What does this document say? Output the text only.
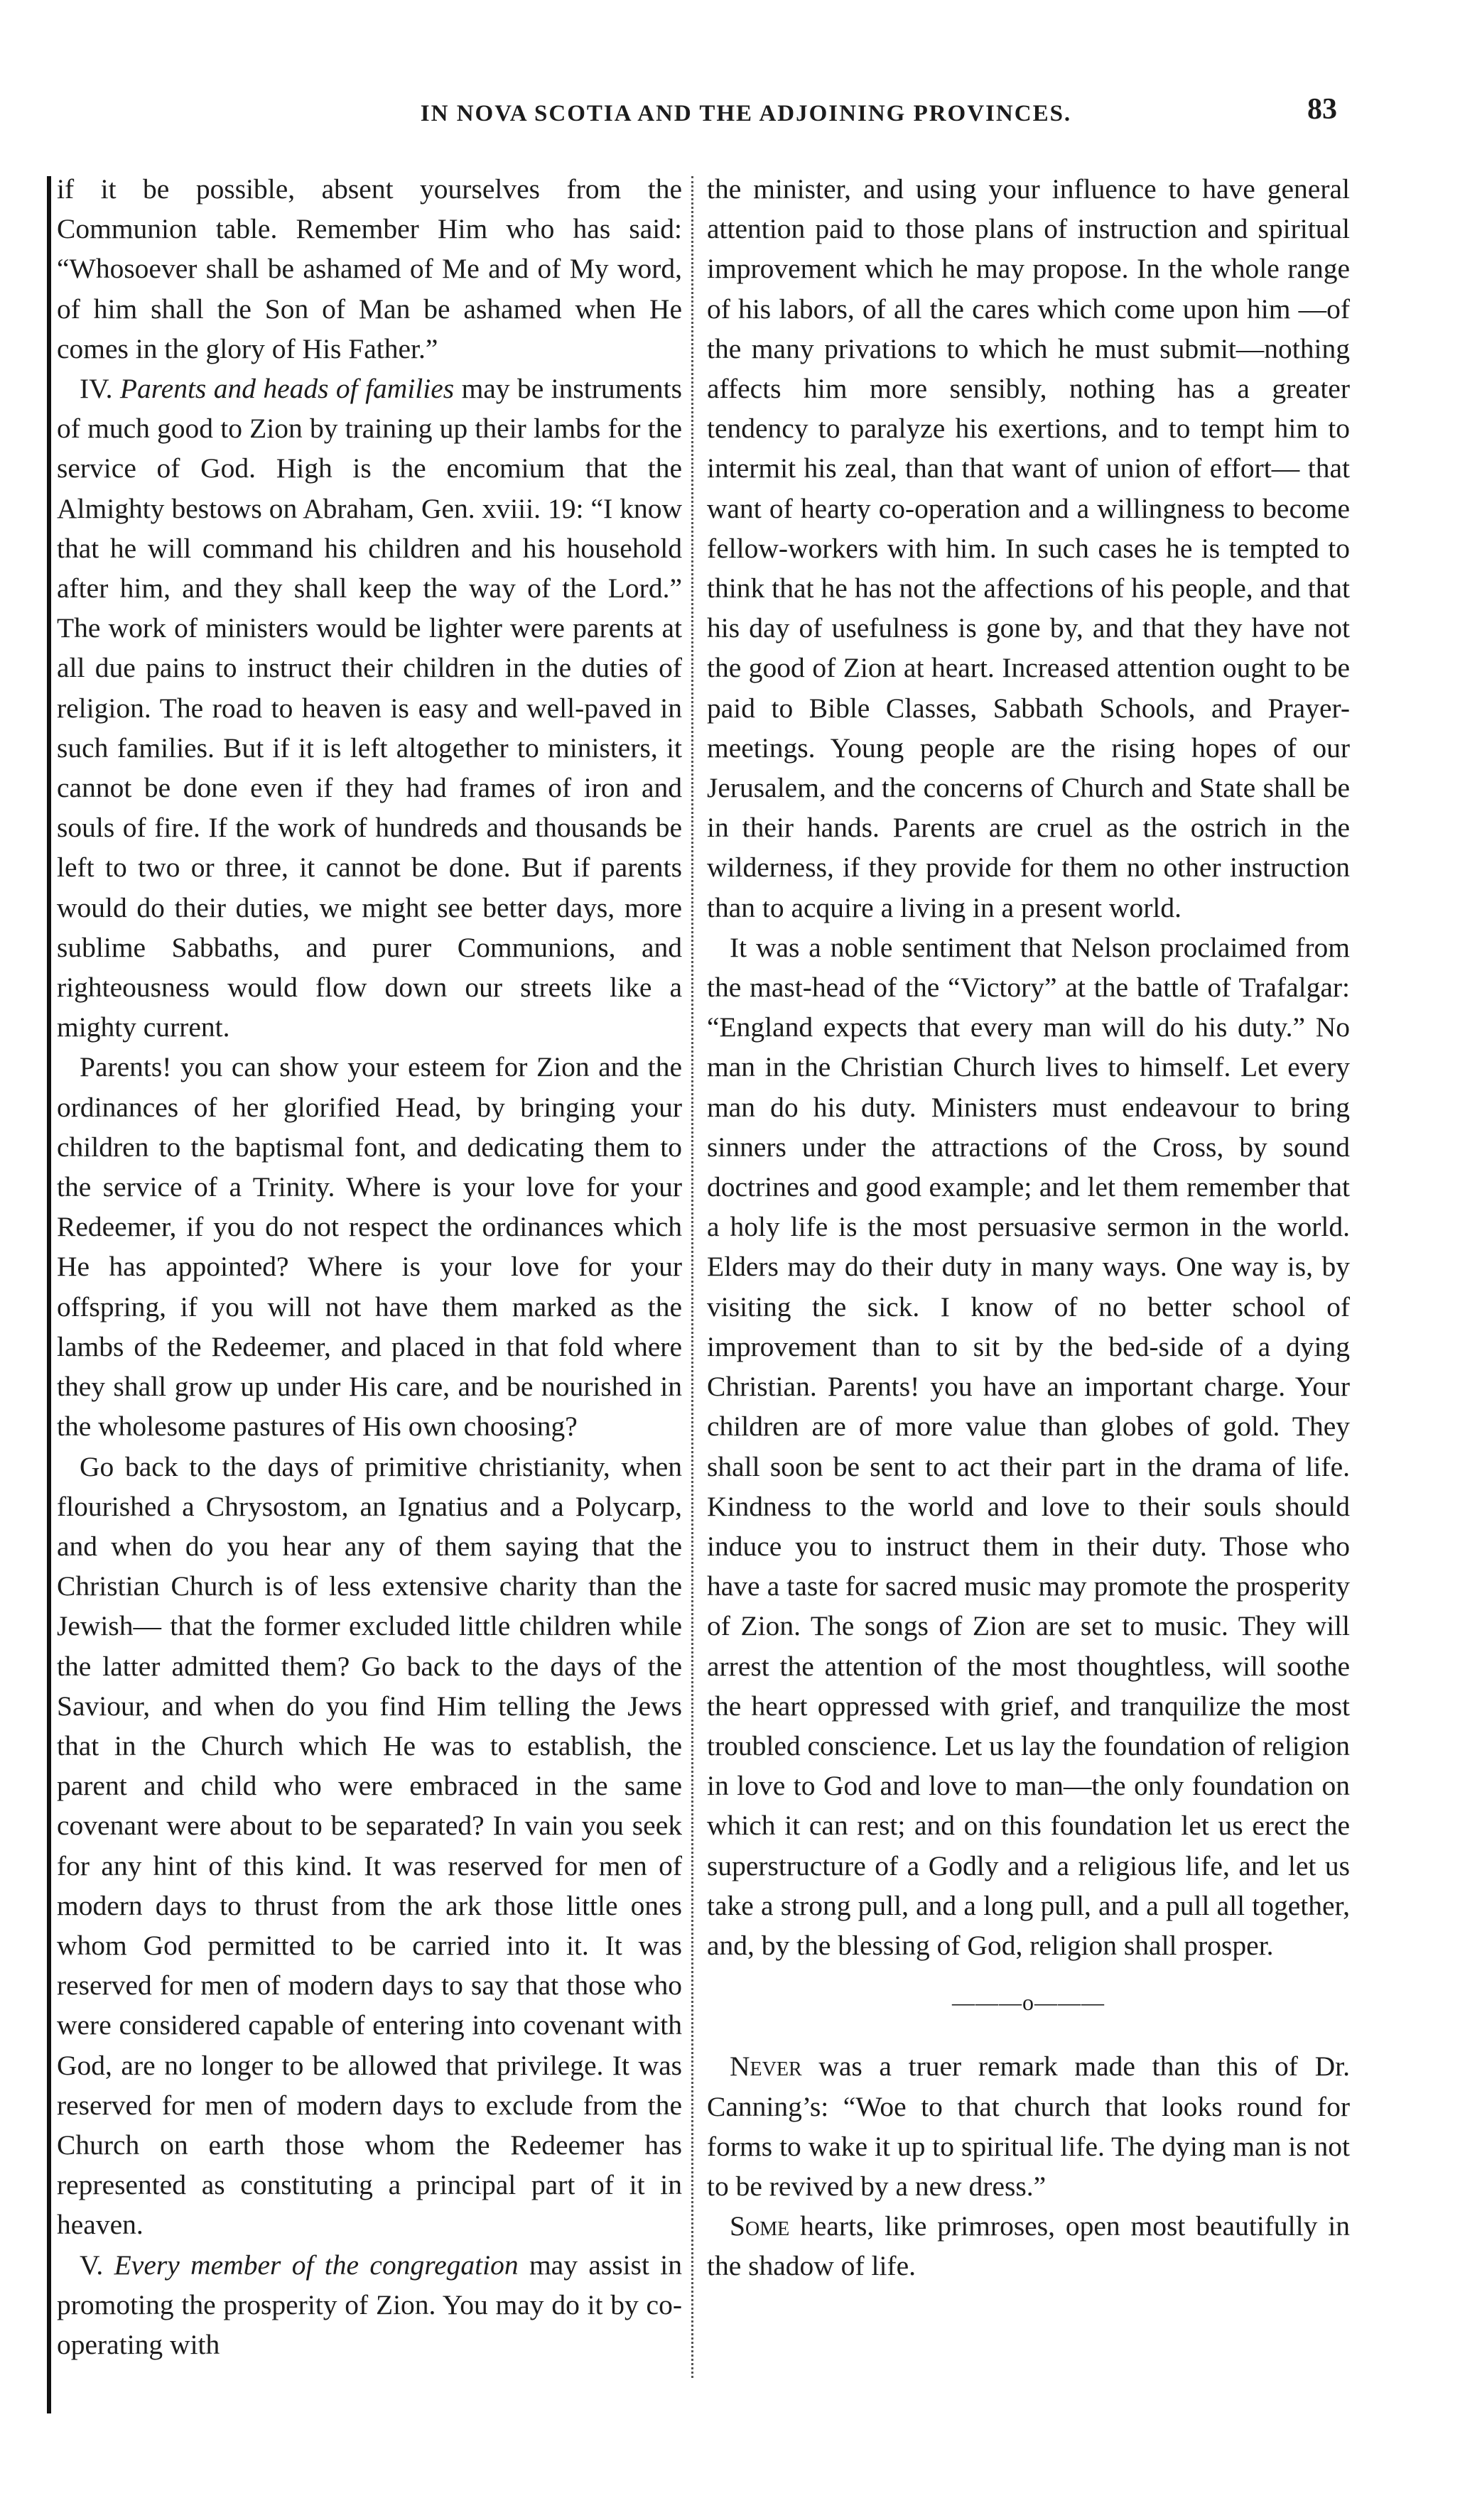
IN NOVA SCOTIA AND THE ADJOINING PROVINCES.	83

if it be possible, absent yourselves from the Communion table. Remember Him who has said: “Whosoever shall be ashamed of Me and of My word, of him shall the Son of Man be ashamed when He comes in the glory of His Father.”

IV. Parents and heads of families may be instruments of much good to Zion by training up their lambs for the service of God. High is the encomium that the Almighty bestows on Abraham, Gen. xviii. 19: “I know that he will command his children and his household after him, and they shall keep the way of the Lord.” The work of ministers would be lighter were parents at all due pains to instruct their children in the duties of religion. The road to heaven is easy and well-paved in such families. But if it is left altogether to ministers, it cannot be done even if they had frames of iron and souls of fire. If the work of hundreds and thousands be left to two or three, it cannot be done. But if parents would do their duties, we might see better days, more sublime Sabbaths, and purer Communions, and righteousness would flow down our streets like a mighty current.

Parents! you can show your esteem for Zion and the ordinances of her glorified Head, by bringing your children to the baptismal font, and dedicating them to the service of a Trinity. Where is your love for your Redeemer, if you do not respect the ordinances which He has appointed? Where is your love for your offspring, if you will not have them marked as the lambs of the Redeemer, and placed in that fold where they shall grow up under His care, and be nourished in the wholesome pastures of His own choosing?

Go back to the days of primitive christianity, when flourished a Chrysostom, an Ignatius and a Polycarp, and when do you hear any of them saying that the Christian Church is of less extensive charity than the Jewish— that the former excluded little children while the latter admitted them? Go back to the days of the Saviour, and when do you find Him telling the Jews that in the Church which He was to establish, the parent and child who were embraced in the same covenant were about to be separated? In vain you seek for any hint of this kind. It was reserved for men of modern days to thrust from the ark those little ones whom God permitted to be carried into it. It was reserved for men of modern days to say that those who were considered capable of entering into covenant with God, are no longer to be allowed that privilege. It was reserved for men of modern days to exclude from the Church on earth those whom the Redeemer has represented as constituting a principal part of it in heaven.

V. Every member of the congregation may assist in promoting the prosperity of Zion. You may do it by co-operating with

the minister, and using your influence to have general attention paid to those plans of instruction and spiritual improvement which he may propose. In the whole range of his labors, of all the cares which come upon him —of the many privations to which he must submit—nothing affects him more sensibly, nothing has a greater tendency to paralyze his exertions, and to tempt him to intermit his zeal, than that want of union of effort— that want of hearty co-operation and a willingness to become fellow-workers with him. In such cases he is tempted to think that he has not the affections of his people, and that his day of usefulness is gone by, and that they have not the good of Zion at heart. Increased attention ought to be paid to Bible Classes, Sabbath Schools, and Prayer-meetings. Young people are the rising hopes of our Jerusalem, and the concerns of Church and State shall be in their hands. Parents are cruel as the ostrich in the wilderness, if they provide for them no other instruction than to acquire a living in a present world.

It was a noble sentiment that Nelson proclaimed from the mast-head of the “Victory” at the battle of Trafalgar: “England expects that every man will do his duty.” No man in the Christian Church lives to himself. Let every man do his duty. Ministers must endeavour to bring sinners under the attractions of the Cross, by sound doctrines and good example; and let them remember that a holy life is the most persuasive sermon in the world. Elders may do their duty in many ways. One way is, by visiting the sick. I know of no better school of improvement than to sit by the bed-side of a dying Christian. Parents! you have an important charge. Your children are of more value than globes of gold. They shall soon be sent to act their part in the drama of life. Kindness to the world and love to their souls should induce you to instruct them in their duty. Those who have a taste for sacred music may promote the prosperity of Zion. The songs of Zion are set to music. They will arrest the attention of the most thoughtless, will soothe the heart oppressed with grief, and tranquilize the most troubled conscience. Let us lay the foundation of religion in love to God and love to man—the only foundation on which it can rest; and on this foundation let us erect the superstructure of a Godly and a religious life, and let us take a strong pull, and a long pull, and a pull all together, and, by the blessing of God, religion shall prosper.

———o———

Never was a truer remark made than this of Dr. Canning’s: “Woe to that church that looks round for forms to wake it up to spiritual life. The dying man is not to be revived by a new dress.”

Some hearts, like primroses, open most beautifully in the shadow of life.
